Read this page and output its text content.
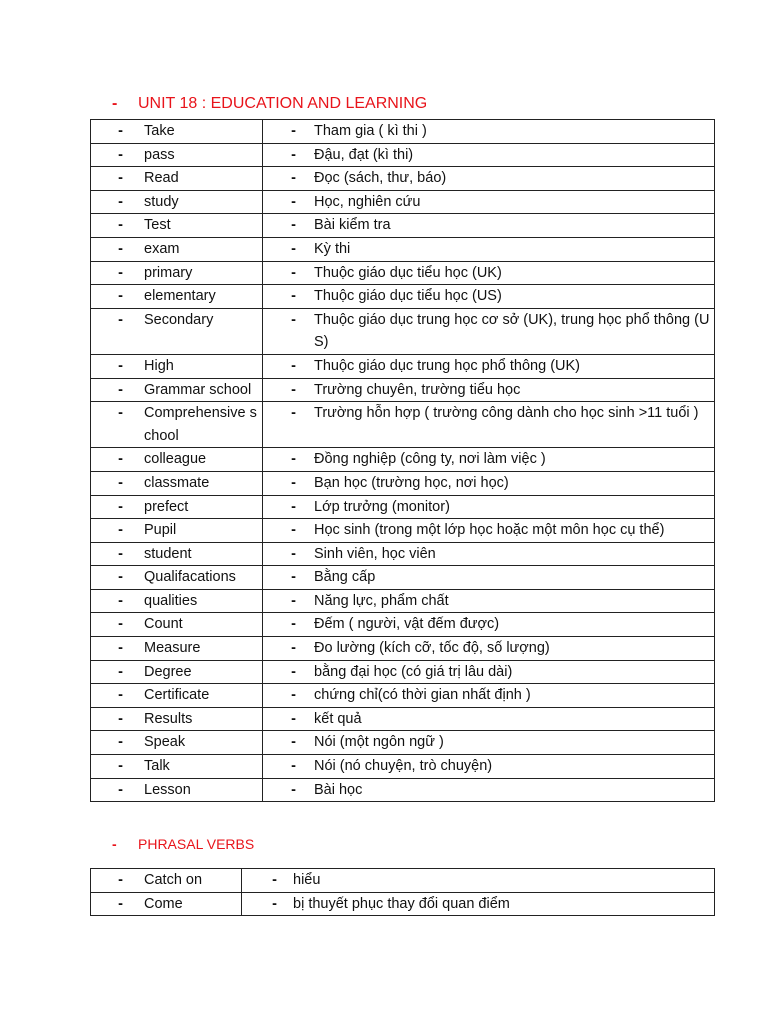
-	UNIT 18 : EDUCATION AND LEARNING
- Take	- Tham gia ( kì thi )

- pass	- Đậu, đạt (kì thi)

- Read	- Đọc (sách, thư, báo)

- study	- Học, nghiên cứu

- Test	- Bài kiểm tra

- exam	- Kỳ thi

- primary	- Thuộc giáo dục tiểu học (UK)

- elementary	- Thuộc giáo dục tiểu học (US)

- Secondary	- Thuộc giáo dục trung học cơ sở (UK), trung học phổ thông (US)

- High	- Thuộc giáo dục trung học phổ thông (UK)

- Grammar school	- Trường chuyên, trường tiểu học

- Comprehensive school	- Trường hỗn hợp ( trường công dành cho học sinh >11 tuổi )

- colleague	- Đồng nghiệp (công ty, nơi làm việc )

- classmate	- Bạn học (trường học, nơi học)

- prefect	- Lớp trưởng (monitor)

- Pupil	- Học sinh (trong một lớp học hoặc một môn học cụ thể)

- student	- Sinh viên, học viên

- Qualifacations	- Bằng cấp

- qualities	- Năng lực, phẩm chất

- Count	- Đếm ( người, vật đếm được)

- Measure	- Đo lường (kích cỡ, tốc độ, số lượng)

- Degree	- bằng đại học (có giá trị lâu dài)

- Certificate	- chứng chỉ(có thời gian nhất định )

- Results	- kết quả

- Speak	- Nói (một ngôn ngữ )

- Talk	- Nói (nó chuyện, trò chuyện)

- Lesson	- Bài học
-	PHRASAL VERBS
- Catch on	- hiểu

- Come	- bị thuyết phục thay đổi quan điểm
